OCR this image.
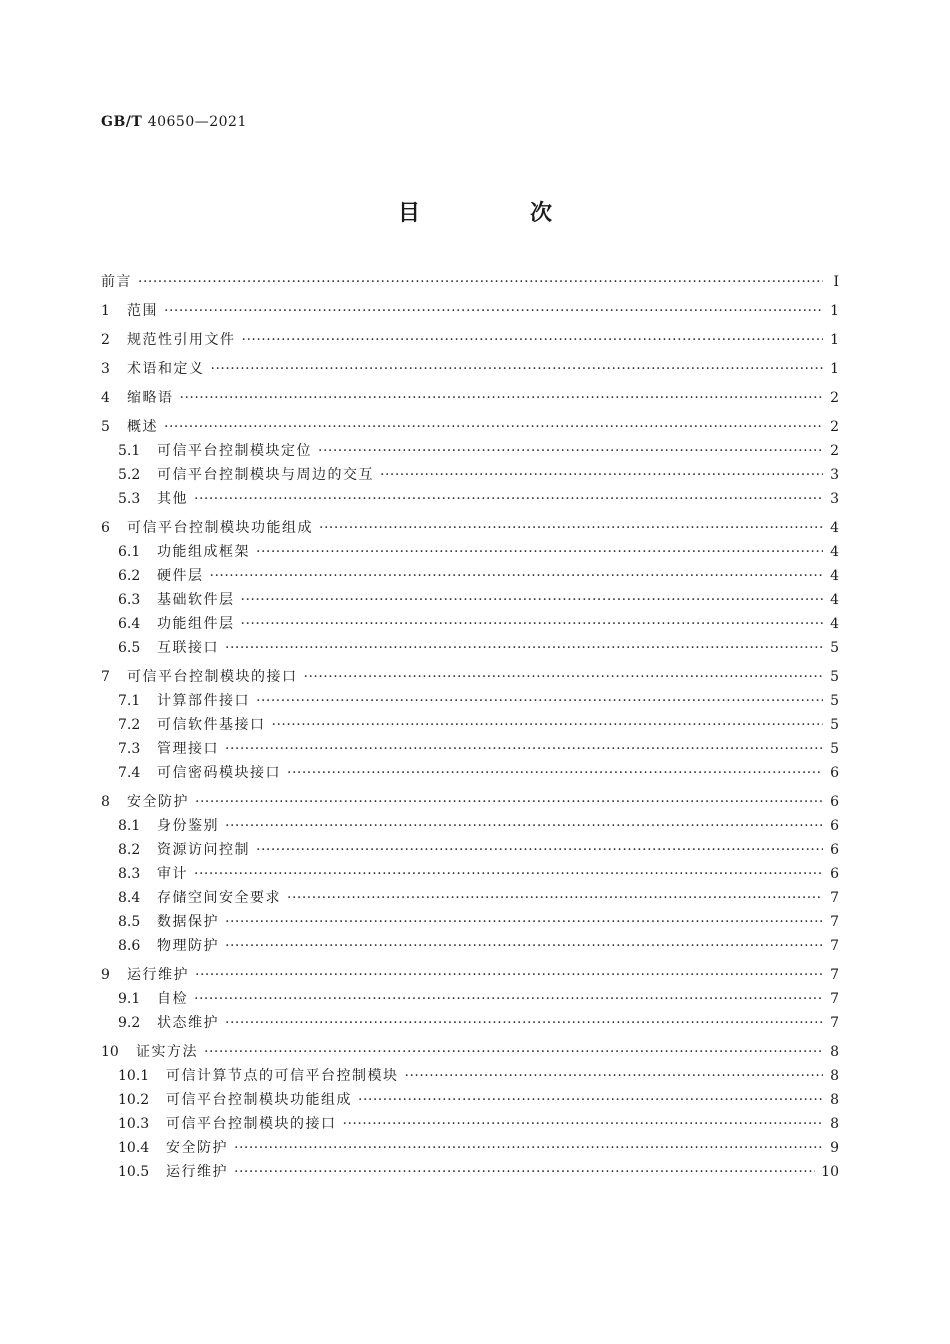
GB/T 40650—2021
目　次
前言 ·····	Ⅰ
1	范围 ·····	1
2	规范性引用文件 ·····	1
3	术语和定义 ·····	1
4	缩略语 ·····	2
5	概述 ·····	2
5.1	可信平台控制模块定位 ·····	2
5.2	可信平台控制模块与周边的交互 ·····	3
5.3	其他 ·····	3
6	可信平台控制模块功能组成 ·····	4
6.1	功能组成框架 ·····	4
6.2	硬件层 ·····	4
6.3	基础软件层 ·····	4
6.4	功能组件层 ·····	4
6.5	互联接口 ·····	5
7	可信平台控制模块的接口 ·····	5
7.1	计算部件接口 ·····	5
7.2	可信软件基接口 ·····	5
7.3	管理接口 ·····	5
7.4	可信密码模块接口 ·····	6
8	安全防护 ·····	6
8.1	身份鉴别 ·····	6
8.2	资源访问控制 ·····	6
8.3	审计 ·····	6
8.4	存储空间安全要求 ·····	7
8.5	数据保护 ·····	7
8.6	物理防护 ·····	7
9	运行维护 ·····	7
9.1	自检 ·····	7
9.2	状态维护 ·····	7
10	证实方法 ·····	8
10.1	可信计算节点的可信平台控制模块 ·····	8
10.2	可信平台控制模块功能组成 ·····	8
10.3	可信平台控制模块的接口 ·····	8
10.4	安全防护 ·····	9
10.5	运行维护 ·····	10
